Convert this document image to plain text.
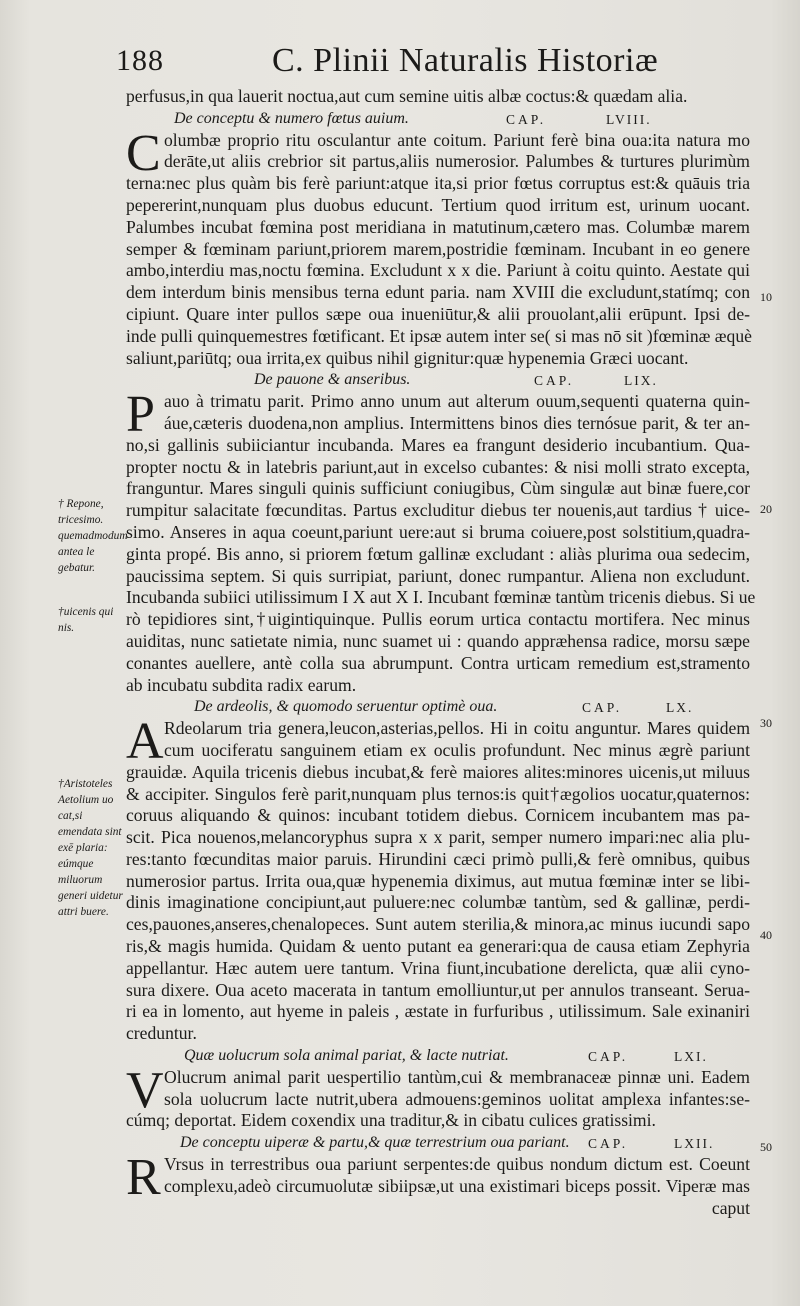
188	C. Plinii Naturalis Historiæ
perfusus,in qua lauerit noctua,aut cum semine uitis albæ coctus:& quædam alia.
De conceptu & numero fœtus auium.	CAP.	LVIII.
C olumbæ proprio ritu osculantur ante coitum. Pariunt ferè bina oua:ita natura mo
derāte,ut aliis crebrior sit partus,aliis numerosior. Palumbes & turtures plurimùm
terna:nec plus quàm bis ferè pariunt:atque ita,si prior fœtus corruptus est:& quāuis tria
pepererint,nunquam plus duobus educunt. Tertium quod irritum est, urinum uocant.
Palumbes incubat fœmina post meridiana in matutinum,cætero mas. Columbæ marem
semper & fœminam pariunt,priorem marem,postridie fœminam. Incubant in eo genere
ambo,interdiu mas,noctu fœmina. Excludunt x x die. Pariunt à coitu quinto. Aestate qui
dem interdum binis mensibus terna edunt paria. nam XVIII die excludunt,statímq; con
cipiunt. Quare inter pullos sæpe oua inueniūtur,& alii prouolant,alii erūpunt. Ipsi de-
inde pulli quinquemestres fœtificant. Et ipsæ autem inter se( si mas nō sit )fœminæ æquè
saliunt,pariūtq; oua irrita,ex quibus nihil gignitur:quæ hypenemia Græci uocant.
De pauone & anseribus.	CAP.	LIX.
P auo à trimatu parit. Primo anno unum aut alterum ouum,sequenti quaterna quin-
áue,cæteris duodena,non amplius. Intermittens binos dies ternósue parit, & ter an-
no,si gallinis subiiciantur incubanda. Mares ea frangunt desiderio incubantium. Qua-
propter noctu & in latebris pariunt,aut in excelso cubantes: & nisi molli strato excepta,
franguntur. Mares singuli quinis sufficiunt coniugibus, Cùm singulæ aut binæ fuere,cor
rumpitur salacitate fœcunditas. Partus excluditur diebus ter nouenis,aut tardius † uice-
simo. Anseres in aqua coeunt,pariunt uere:aut si bruma coiuere,post solstitium,quadra-
ginta propé. Bis anno, si priorem fœtum gallinæ excludant : aliàs plurima oua sedecim,
paucissima septem. Si quis surripiat, pariunt, donec rumpantur. Aliena non excludunt.
Incubanda subiici utilissimum I X aut X I. Incubant fœminæ tantùm tricenis diebus. Si ue
rò tepidiores sint,†uigintiquinque. Pullis eorum urtica contactu mortifera. Nec minus
auiditas, nunc satietate nimia, nunc suamet ui : quando appræhensa radice, morsu sæpe
conantes auellere, antè colla sua abrumpunt. Contra urticam remedium est,stramento
ab incubatu subdita radix earum.
De ardeolis, & quomodo seruentur optimè oua.	CAP.	LX.
A Rdeolarum tria genera,leucon,asterias,pellos. Hi in coitu anguntur. Mares quidem
cum uociferatu sanguinem etiam ex oculis profundunt. Nec minus ægrè pariunt
grauidæ. Aquila tricenis diebus incubat,& ferè maiores alites:minores uicenis,ut miluus
& accipiter. Singulos ferè parit,nunquam plus ternos:is quit†ægolios uocatur,quaternos:
coruus aliquando & quinos: incubant totidem diebus. Cornicem incubantem mas pa-
scit. Pica nouenos,melancoryphus supra x x parit, semper numero impari:nec alia plu-
res:tanto fœcunditas maior paruis. Hirundini cæci primò pulli,& ferè omnibus, quibus
numerosior partus. Irrita oua,quæ hypenemia diximus, aut mutua fœminæ inter se libi-
dinis imaginatione concipiunt,aut puluere:nec columbæ tantùm, sed & gallinæ, perdi-
ces,pauones,anseres,chenalopeces. Sunt autem sterilia,& minora,ac minus iucundi sapo
ris,& magis humida. Quidam & uento putant ea generari:qua de causa etiam Zephyria
appellantur. Hæc autem uere tantum. Vrina fiunt,incubatione derelicta, quæ alii cyno-
sura dixere. Oua aceto macerata in tantum emolliuntur,ut per annulos transeant. Serua-
ri ea in lomento, aut hyeme in paleis , æstate in furfuribus , utilissimum. Sale exinaniri
creduntur.
Quæ uolucrum sola animal pariat, & lacte nutriat.	CAP.	LXI.
V Olucrum animal parit uespertilio tantùm,cui & membranaceæ pinnæ uni. Eadem
sola uolucrum lacte nutrit,ubera admouens:geminos uolitat amplexa infantes:se-
cúmq; deportat. Eidem coxendix una traditur,& in cibatu culices gratissimi.
De conceptu uiperæ & partu,& quæ terrestrium oua pariant. CAP.	LXII.
R Vrsus in terrestribus oua pariunt serpentes:de quibus nondum dictum est. Coeunt
complexu,adeò circumuolutæ sibiipsæ,ut una existimari biceps possit. Viperæ mas
caput
† Repone, tricesimo. quemadmodum antea le gebatur.
†uicenis qui nis.
†Aristoteles Aetolium uo cat,si emendata sint exē plaria: eúmque miluorum generi uidetur attri buere.
10
20
30
40
50
